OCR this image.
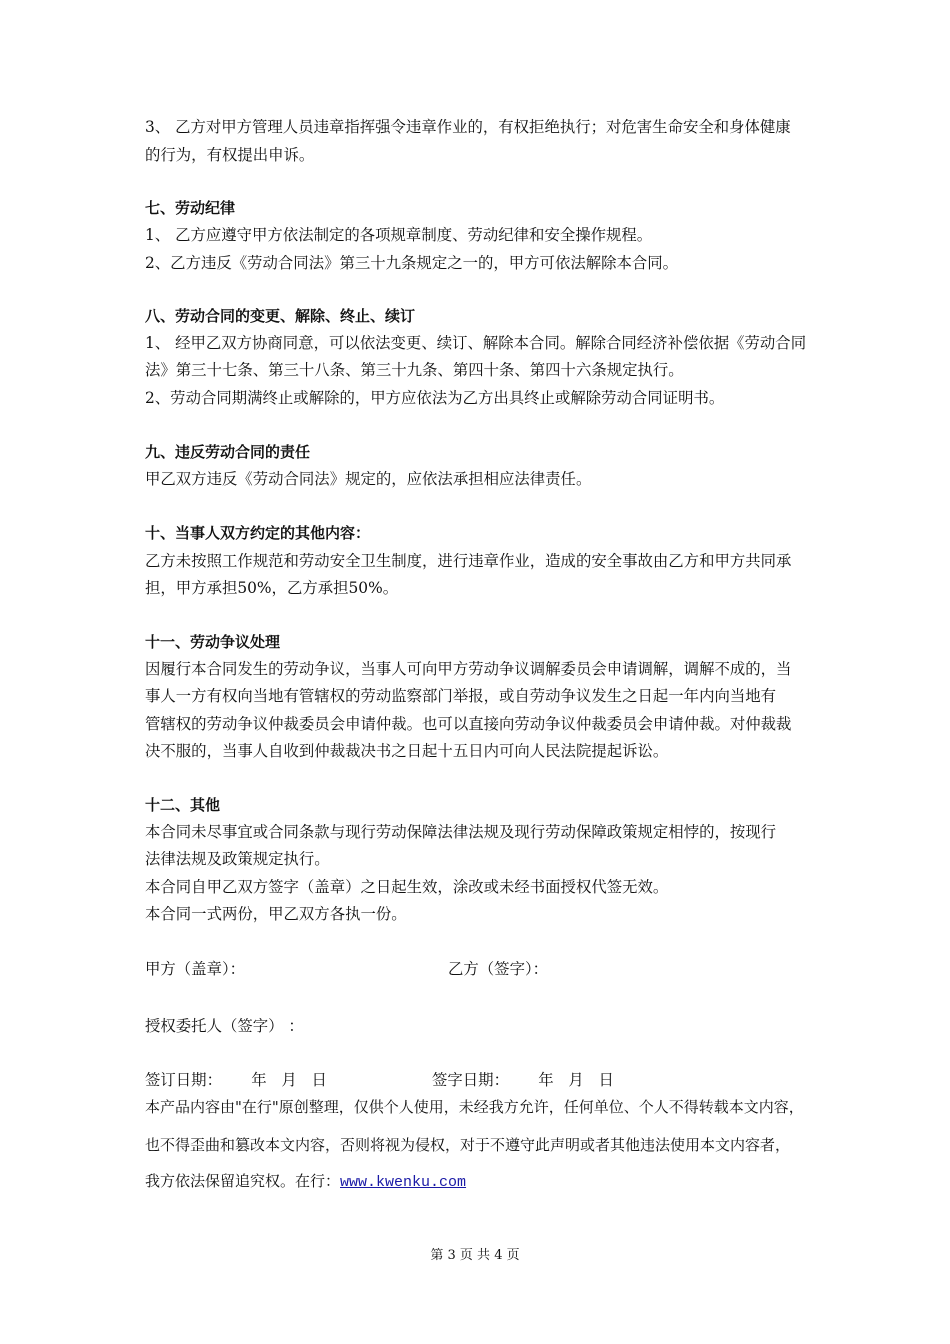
3、 乙方对甲方管理人员违章指挥强令违章作业的，有权拒绝执行；对危害生命安全和身体健康
的行为，有权提出申诉。
七、劳动纪律
1、 乙方应遵守甲方依法制定的各项规章制度、劳动纪律和安全操作规程。
2、乙方违反《劳动合同法》第三十九条规定之一的，甲方可依法解除本合同。
八、劳动合同的变更、解除、终止、续订
1、 经甲乙双方协商同意，可以依法变更、续订、解除本合同。解除合同经济补偿依据《劳动合同
法》第三十七条、第三十八条、第三十九条、第四十条、第四十六条规定执行。
2、劳动合同期满终止或解除的，甲方应依法为乙方出具终止或解除劳动合同证明书。
九、违反劳动合同的责任
甲乙双方违反《劳动合同法》规定的，应依法承担相应法律责任。
十、当事人双方约定的其他内容：
乙方未按照工作规范和劳动安全卫生制度，进行违章作业，造成的安全事故由乙方和甲方共同承
担，甲方承担50%，乙方承担50%。
十一、劳动争议处理
因履行本合同发生的劳动争议，当事人可向甲方劳动争议调解委员会申请调解，调解不成的，当
事人一方有权向当地有管辖权的劳动监察部门举报，或自劳动争议发生之日起一年内向当地有
管辖权的劳动争议仲裁委员会申请仲裁。也可以直接向劳动争议仲裁委员会申请仲裁。对仲裁裁
决不服的，当事人自收到仲裁裁决书之日起十五日内可向人民法院提起诉讼。
十二、其他
本合同未尽事宜或合同条款与现行劳动保障法律法规及现行劳动保障政策规定相悖的，按现行
法律法规及政策规定执行。
本合同自甲乙双方签字（盖章）之日起生效，涂改或未经书面授权代签无效。
本合同一式两份，甲乙双方各执一份。
甲方（盖章）：	乙方（签字）：
授权委托人（签字） ：
签订日期：      年   月   日	签字日期：      年   月   日
本产品内容由"在行"原创整理，仅供个人使用，未经我方允许，任何单位、个人不得转载本文内容，
也不得歪曲和篡改本文内容，否则将视为侵权，对于不遵守此声明或者其他违法使用本文内容者，
我方依法保留追究权。在行：www.kwenku.com
第 3 页 共 4 页
